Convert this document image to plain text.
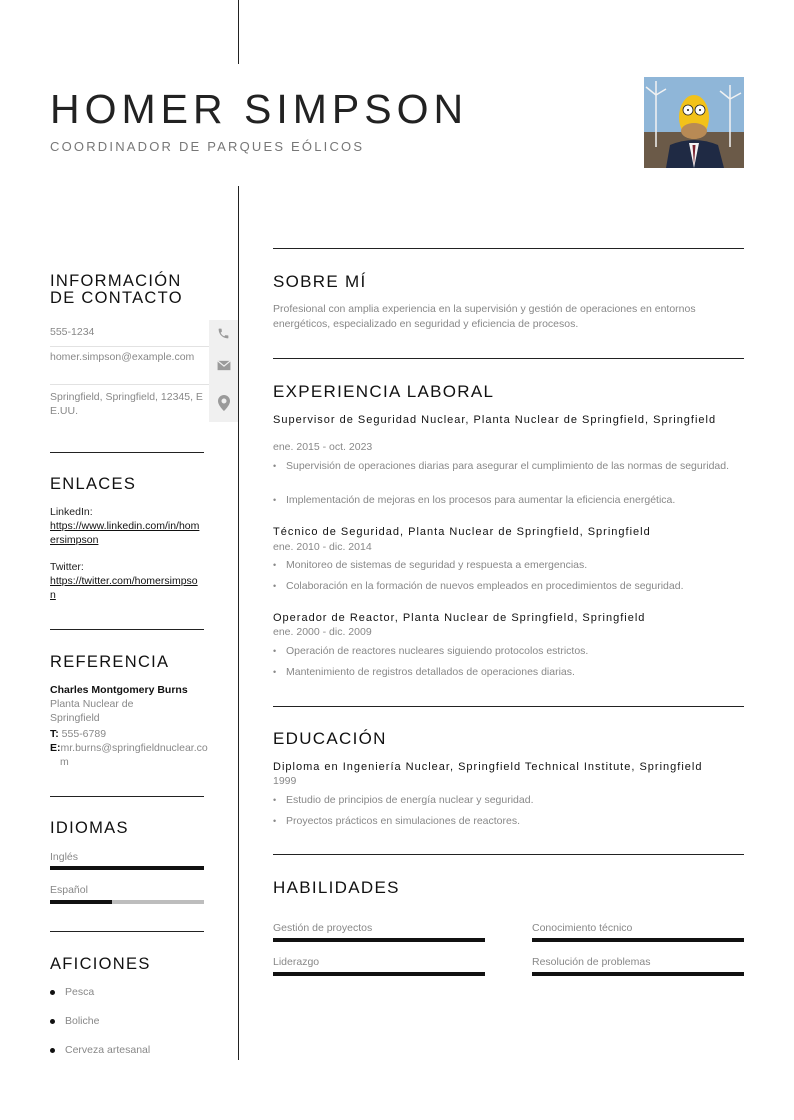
HOMER SIMPSON
COORDINADOR DE PARQUES EÓLICOS
INFORMACIÓN DE CONTACTO
555-1234
homer.simpson@example.com
Springfield, Springfield, 12345, EE.UU.
ENLACES
LinkedIn:
https://www.linkedin.com/in/homersimpson
Twitter:
https://twitter.com/homersimpson
REFERENCIA
Charles Montgomery Burns
Planta Nuclear de Springfield
T: 555-6789
E:mr.burns@springfieldnuclear.com
IDIOMAS
Inglés
Español
AFICIONES
Pesca
Boliche
Cerveza artesanal
SOBRE MÍ
Profesional con amplia experiencia en la supervisión y gestión de operaciones en entornos energéticos, especializado en seguridad y eficiencia de procesos.
EXPERIENCIA LABORAL
Supervisor de Seguridad Nuclear, Planta Nuclear de Springfield, Springfield
ene. 2015 - oct. 2023
• Supervisión de operaciones diarias para asegurar el cumplimiento de las normas de seguridad.
• Implementación de mejoras en los procesos para aumentar la eficiencia energética.
Técnico de Seguridad, Planta Nuclear de Springfield, Springfield
ene. 2010 - dic. 2014
• Monitoreo de sistemas de seguridad y respuesta a emergencias.
• Colaboración en la formación de nuevos empleados en procedimientos de seguridad.
Operador de Reactor, Planta Nuclear de Springfield, Springfield
ene. 2000 - dic. 2009
• Operación de reactores nucleares siguiendo protocolos estrictos.
• Mantenimiento de registros detallados de operaciones diarias.
EDUCACIÓN
Diploma en Ingeniería Nuclear, Springfield Technical Institute, Springfield
1999
• Estudio de principios de energía nuclear y seguridad.
• Proyectos prácticos en simulaciones de reactores.
HABILIDADES
Gestión de proyectos	Conocimiento técnico
Liderazgo	Resolución de problemas
